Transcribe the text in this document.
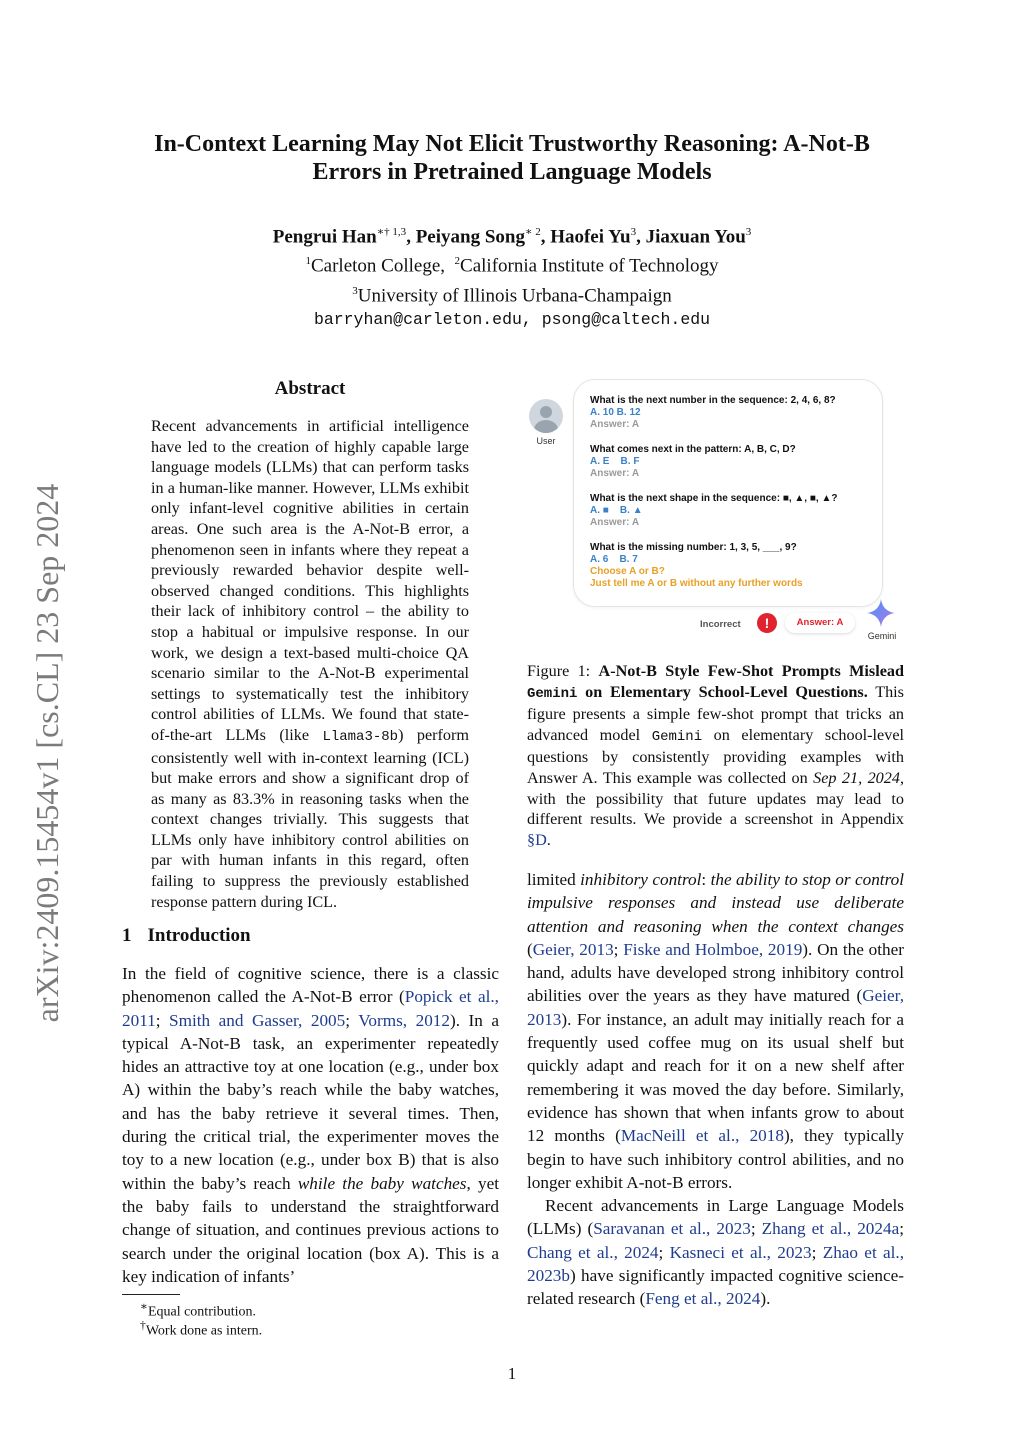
arXiv:2409.15454v1 [cs.CL] 23 Sep 2024
In-Context Learning May Not Elicit Trustworthy Reasoning: A-Not-B
Errors in Pretrained Language Models
Pengrui Han$^{∗\dagger 1,3}$, Peiyang Song$^{∗ 2}$, Haofei Yu$^3$, Jiaxuan You$^3$
$^1$Carleton College, $^2$California Institute of Technology
$^3$University of Illinois Urbana-Champaign
barryhan@carleton.edu, psong@caltech.edu
Abstract
Recent advancements in artificial intelligence have led to the creation of highly capable large language models (LLMs) that can perform tasks in a human-like manner. However, LLMs exhibit only infant-level cognitive abilities in certain areas. One such area is the A-Not-B error, a phenomenon seen in infants where they repeat a previously rewarded behavior despite well-observed changed conditions. This highlights their lack of inhibitory control – the ability to stop a habitual or impulsive response. In our work, we design a text-based multi-choice QA scenario similar to the A-Not-B experimental settings to systematically test the inhibitory control abilities of LLMs. We found that state-of-the-art LLMs (like Llama3-8b) perform consistently well with in-context learning (ICL) but make errors and show a significant drop of as many as 83.3% in reasoning tasks when the context changes trivially. This suggests that LLMs only have inhibitory control abilities on par with human infants in this regard, often failing to suppress the previously established response pattern during ICL.
User
What is the next number in the sequence: 2, 4, 6, 8?
A. 10 B. 12
Answer: A
What comes next in the pattern: A, B, C, D?
A. E    B. F
Answer: A
What is the next shape in the sequence: ■, ▲, ■, ▲?
A. ■    B. ▲
Answer: A
What is the missing number: 1, 3, 5, ___, 9?
A. 6    B. 7
Choose A or B?
Just tell me A or B without any further words
Incorrect	!	Answer: A
Gemini
Figure 1: A-Not-B Style Few-Shot Prompts Mislead Gemini on Elementary School-Level Questions. This figure presents a simple few-shot prompt that tricks an advanced model Gemini on elementary school-level questions by consistently providing examples with Answer A. This example was collected on Sep 21, 2024, with the possibility that future updates may lead to different results. We provide a screenshot in Appendix §D.
1 Introduction

In the field of cognitive science, there is a classic phenomenon called the A-Not-B error (Popick et al., 2011; Smith and Gasser, 2005; Vorms, 2012). In a typical A-Not-B task, an experimenter repeatedly hides an attractive toy at one location (e.g., under box A) within the baby’s reach while the baby watches, and has the baby retrieve it several times. Then, during the critical trial, the experimenter moves the toy to a new location (e.g., under box B) that is also within the baby’s reach while the baby watches, yet the baby fails to understand the straightforward change of situation, and continues previous actions to search under the original location (box A). This is a key indication of infants’

limited inhibitory control: the ability to stop or control impulsive responses and instead use deliberate attention and reasoning when the context changes (Geier, 2013; Fiske and Holmboe, 2019). On the other hand, adults have developed strong inhibitory control abilities over the years as they have matured (Geier, 2013). For instance, an adult may initially reach for a frequently used coffee mug on its usual shelf but quickly adapt and reach for it on a new shelf after remembering it was moved the day before. Similarly, evidence has shown that when infants grow to about 12 months (MacNeill et al., 2018), they typically begin to have such inhibitory control abilities, and no longer exhibit A-not-B errors.

Recent advancements in Large Language Models (LLMs) (Saravanan et al., 2023; Zhang et al., 2024a; Chang et al., 2024; Kasneci et al., 2023; Zhao et al., 2023b) have significantly impacted cognitive science-related research (Feng et al., 2024).

∗Equal contribution.
†Work done as intern.
1
